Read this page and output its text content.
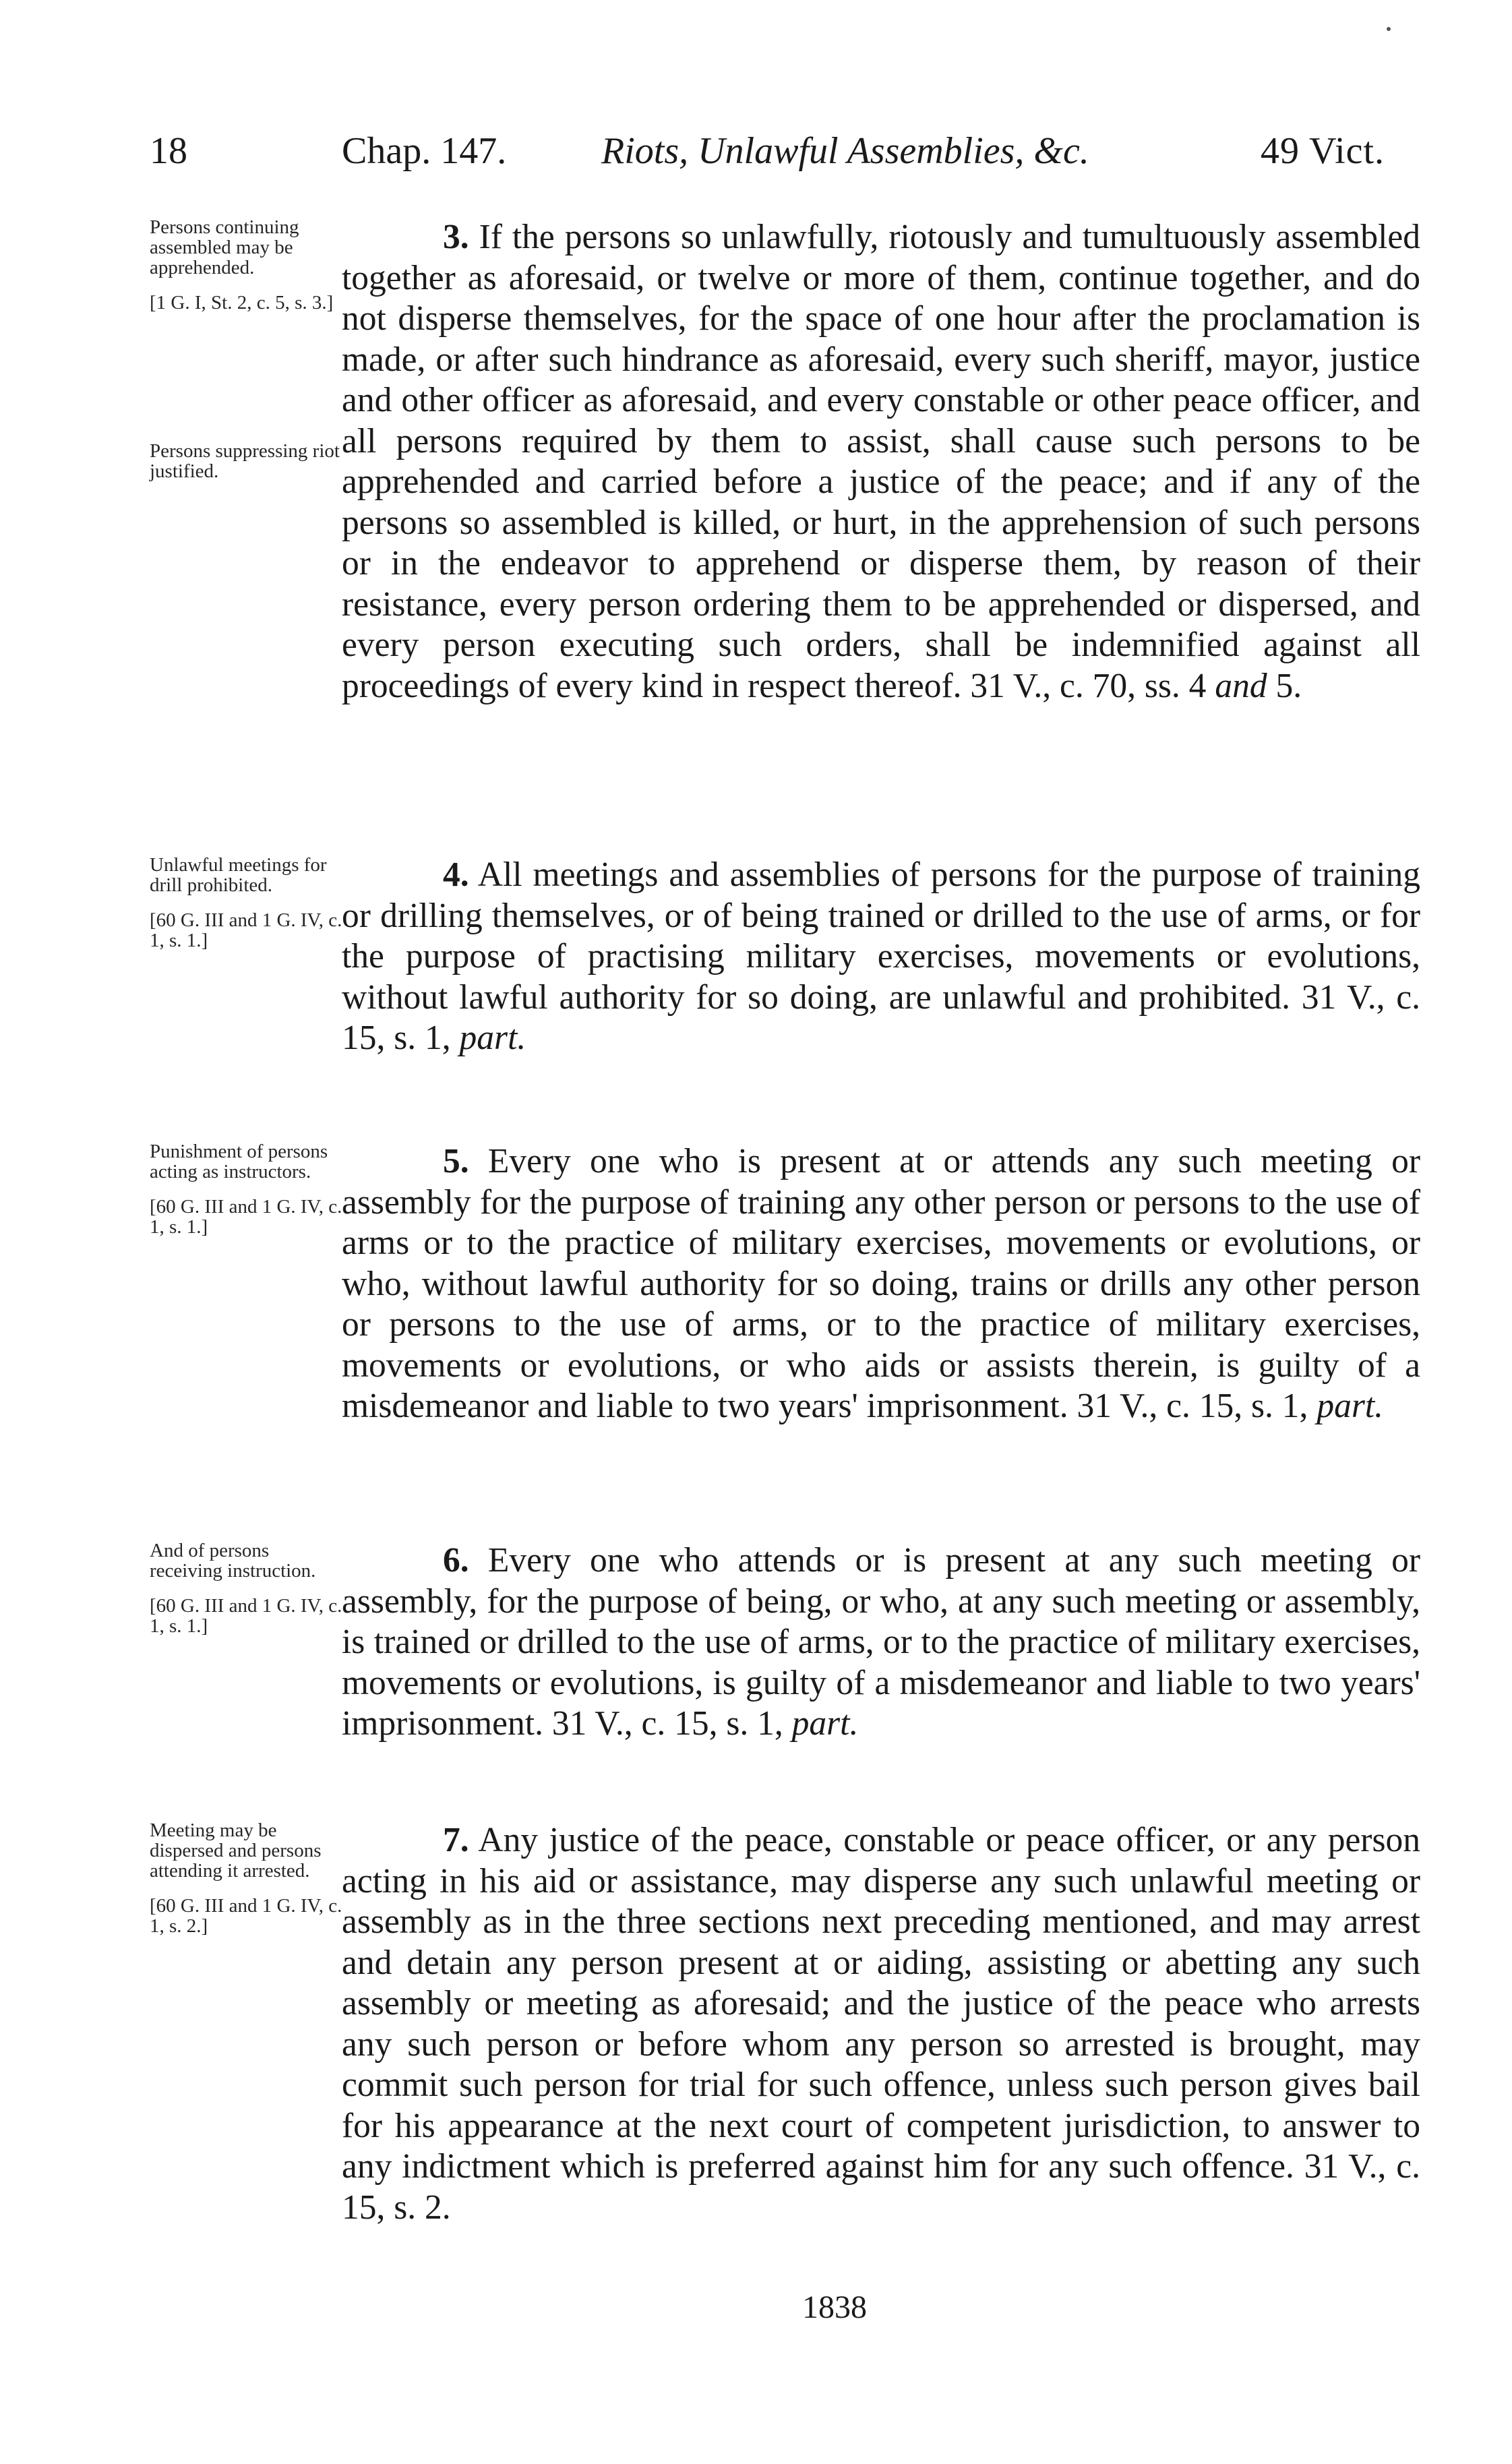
18	Chap. 147.	Riots, Unlawful Assemblies, &c.	49 Vict.
Persons continuing assembled may be apprehended.
[1 G. I, St. 2, c. 5, s. 3.]
Persons suppressing riot justified.
3. If the persons so unlawfully, riotously and tumultuously assembled together as aforesaid, or twelve or more of them, continue together, and do not disperse themselves, for the space of one hour after the proclamation is made, or after such hindrance as aforesaid, every such sheriff, mayor, justice and other officer as aforesaid, and every constable or other peace officer, and all persons required by them to assist, shall cause such persons to be apprehended and carried before a justice of the peace; and if any of the persons so assembled is killed, or hurt, in the apprehension of such persons or in the endeavor to apprehend or disperse them, by reason of their resistance, every person ordering them to be apprehended or dispersed, and every person executing such orders, shall be indemnified against all proceedings of every kind in respect thereof. 31 V., c. 70, ss. 4 and 5.
Unlawful meetings for drill prohibited.
[60 G. III and 1 G. IV, c. 1, s. 1.]
4. All meetings and assemblies of persons for the purpose of training or drilling themselves, or of being trained or drilled to the use of arms, or for the purpose of practising military exercises, movements or evolutions, without lawful authority for so doing, are unlawful and prohibited. 31 V., c. 15, s. 1, part.
Punishment of persons acting as instructors.
[60 G. III and 1 G. IV, c. 1, s. 1.]
5. Every one who is present at or attends any such meeting or assembly for the purpose of training any other person or persons to the use of arms or to the practice of military exercises, movements or evolutions, or who, without lawful authority for so doing, trains or drills any other person or persons to the use of arms, or to the practice of military exercises, movements or evolutions, or who aids or assists therein, is guilty of a misdemeanor and liable to two years' imprisonment. 31 V., c. 15, s. 1, part.
And of persons receiving instruction.
[60 G. III and 1 G. IV, c. 1, s. 1.]
6. Every one who attends or is present at any such meeting or assembly, for the purpose of being, or who, at any such meeting or assembly, is trained or drilled to the use of arms, or to the practice of military exercises, movements or evolutions, is guilty of a misdemeanor and liable to two years' imprisonment. 31 V., c. 15, s. 1, part.
Meeting may be dispersed and persons attending it arrested.
[60 G. III and 1 G. IV, c. 1, s. 2.]
7. Any justice of the peace, constable or peace officer, or any person acting in his aid or assistance, may disperse any such unlawful meeting or assembly as in the three sections next preceding mentioned, and may arrest and detain any person present at or aiding, assisting or abetting any such assembly or meeting as aforesaid; and the justice of the peace who arrests any such person or before whom any person so arrested is brought, may commit such person for trial for such offence, unless such person gives bail for his appearance at the next court of competent jurisdiction, to answer to any indictment which is preferred against him for any such offence. 31 V., c. 15, s. 2.
1838
